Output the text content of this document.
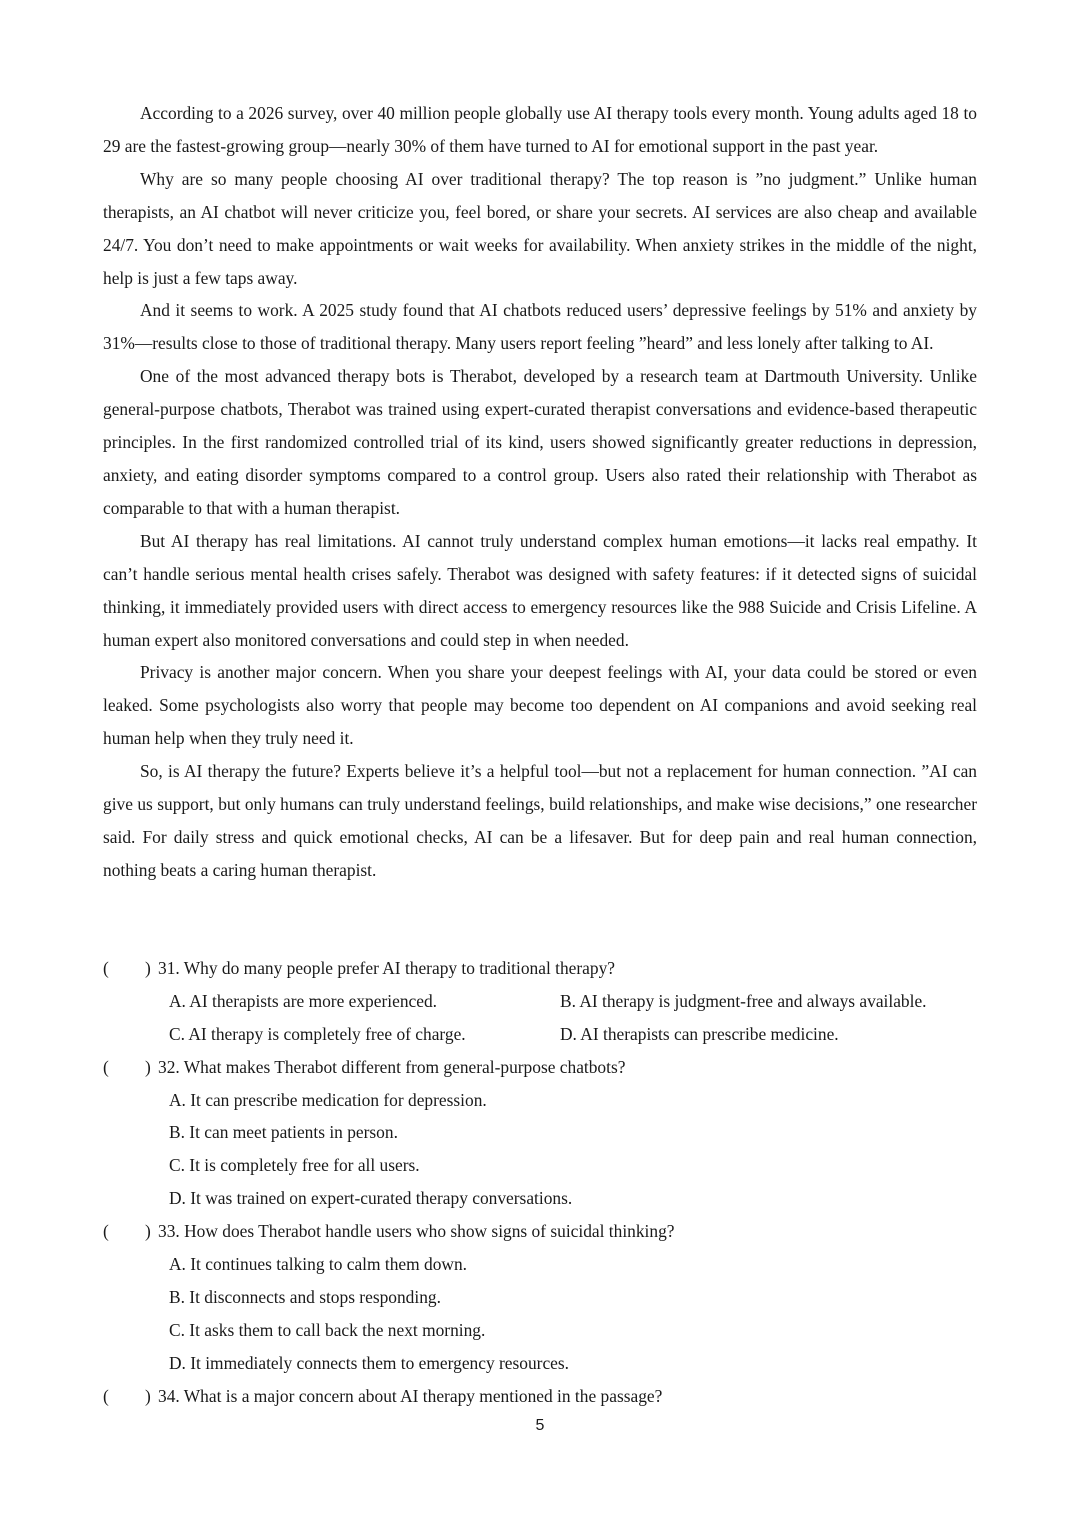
According to a 2026 survey, over 40 million people globally use AI therapy tools every month. Young adults aged 18 to 29 are the fastest-growing group—nearly 30% of them have turned to AI for emotional support in the past year.

Why are so many people choosing AI over traditional therapy? The top reason is ”no judgment.” Unlike human therapists, an AI chatbot will never criticize you, feel bored, or share your secrets. AI services are also cheap and available 24/7. You don’t need to make appointments or wait weeks for availability. When anxiety strikes in the middle of the night, help is just a few taps away.

And it seems to work. A 2025 study found that AI chatbots reduced users’ depressive feelings by 51% and anxiety by 31%—results close to those of traditional therapy. Many users report feeling ”heard” and less lonely after talking to AI.

One of the most advanced therapy bots is Therabot, developed by a research team at Dartmouth University. Unlike general-purpose chatbots, Therabot was trained using expert-curated therapist conversations and evidence-based therapeutic principles. In the first randomized controlled trial of its kind, users showed significantly greater reductions in depression, anxiety, and eating disorder symptoms compared to a control group. Users also rated their relationship with Therabot as comparable to that with a human therapist.

But AI therapy has real limitations. AI cannot truly understand complex human emotions—it lacks real empathy. It can’t handle serious mental health crises safely. Therabot was designed with safety features: if it detected signs of suicidal thinking, it immediately provided users with direct access to emergency resources like the 988 Suicide and Crisis Lifeline. A human expert also monitored conversations and could step in when needed.

Privacy is another major concern. When you share your deepest feelings with AI, your data could be stored or even leaked. Some psychologists also worry that people may become too dependent on AI companions and avoid seeking real human help when they truly need it.

So, is AI therapy the future? Experts believe it’s a helpful tool—but not a replacement for human connection. ”AI can give us support, but only humans can truly understand feelings, build relationships, and make wise decisions,” one researcher said. For daily stress and quick emotional checks, AI can be a lifesaver. But for deep pain and real human connection, nothing beats a caring human therapist.

( ) 31. Why do many people prefer AI therapy to traditional therapy?
A. AI therapists are more experienced.	B. AI therapy is judgment-free and always available.
C. AI therapy is completely free of charge.	D. AI therapists can prescribe medicine.
( ) 32. What makes Therabot different from general-purpose chatbots?
A. It can prescribe medication for depression.
B. It can meet patients in person.
C. It is completely free for all users.
D. It was trained on expert-curated therapy conversations.
( ) 33. How does Therabot handle users who show signs of suicidal thinking?
A. It continues talking to calm them down.
B. It disconnects and stops responding.
C. It asks them to call back the next morning.
D. It immediately connects them to emergency resources.
( ) 34. What is a major concern about AI therapy mentioned in the passage?
5
